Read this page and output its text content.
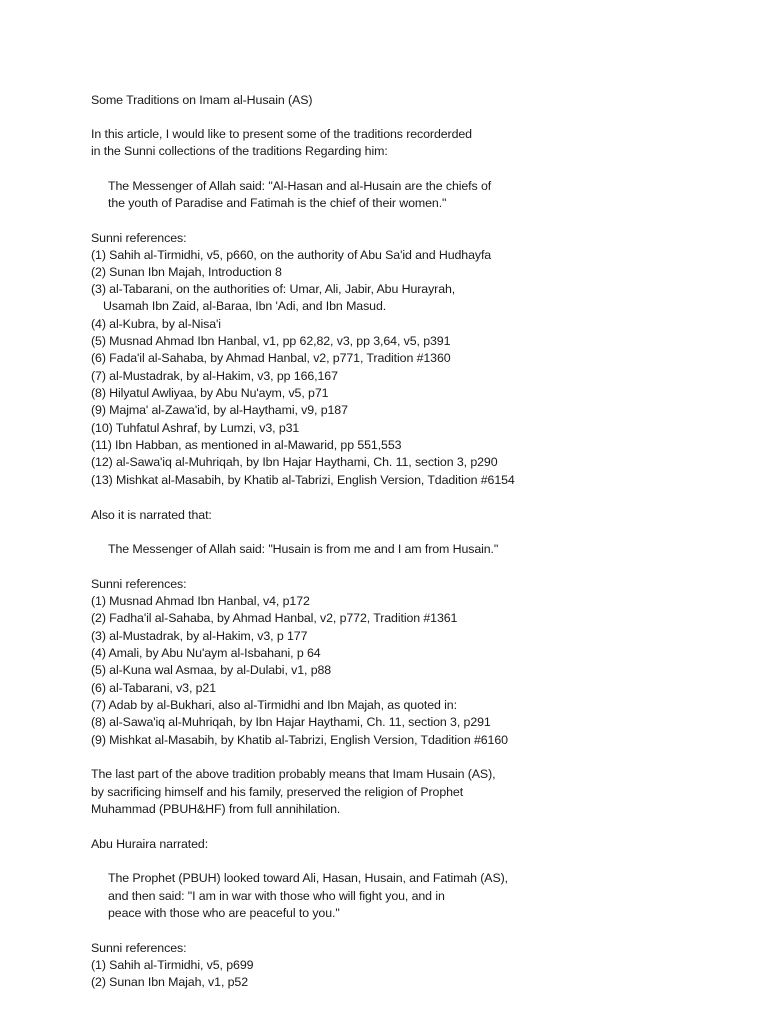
Some Traditions on Imam al-Husain (AS)
In this article, I would like to present some of the traditions recorderded
in the Sunni collections of the traditions Regarding him:
The Messenger of Allah said: "Al-Hasan and al-Husain are the chiefs of
the youth of Paradise and Fatimah is the chief of their women."
Sunni references:
(1) Sahih al-Tirmidhi, v5, p660, on the authority of Abu Sa'id and Hudhayfa
(2) Sunan Ibn Majah, Introduction 8
(3) al-Tabarani, on the authorities of: Umar, Ali, Jabir, Abu Hurayrah,
Usamah Ibn Zaid, al-Baraa, Ibn 'Adi, and Ibn Masud.
(4) al-Kubra, by al-Nisa'i
(5) Musnad Ahmad Ibn Hanbal, v1, pp 62,82, v3, pp 3,64, v5, p391
(6) Fada'il al-Sahaba, by Ahmad Hanbal, v2, p771, Tradition #1360
(7) al-Mustadrak, by al-Hakim, v3, pp 166,167
(8) Hilyatul Awliyaa, by Abu Nu'aym, v5, p71
(9) Majma' al-Zawa'id, by al-Haythami, v9, p187
(10) Tuhfatul Ashraf, by Lumzi, v3, p31
(11) Ibn Habban, as mentioned in al-Mawarid, pp 551,553
(12) al-Sawa'iq al-Muhriqah, by Ibn Hajar Haythami, Ch. 11, section 3, p290
(13) Mishkat al-Masabih, by Khatib al-Tabrizi, English Version, Tdadition #6154
Also it is narrated that:
The Messenger of Allah said: "Husain is from me and I am from Husain."
Sunni references:
(1) Musnad Ahmad Ibn Hanbal, v4, p172
(2) Fadha'il al-Sahaba, by Ahmad Hanbal, v2, p772, Tradition #1361
(3) al-Mustadrak, by al-Hakim, v3, p 177
(4) Amali, by Abu Nu'aym al-Isbahani, p 64
(5) al-Kuna wal Asmaa, by al-Dulabi, v1, p88
(6) al-Tabarani, v3, p21
(7) Adab by al-Bukhari, also al-Tirmidhi and Ibn Majah, as quoted in:
(8) al-Sawa'iq al-Muhriqah, by Ibn Hajar Haythami, Ch. 11, section 3, p291
(9) Mishkat al-Masabih, by Khatib al-Tabrizi, English Version, Tdadition #6160
The last part of the above tradition probably means that Imam Husain (AS),
by sacrificing himself and his family, preserved the religion of Prophet
Muhammad (PBUH&HF) from full annihilation.
Abu Huraira narrated:
The Prophet (PBUH) looked toward Ali, Hasan, Husain, and Fatimah (AS),
and then said: "I am in war with those who will fight you, and in
peace with those who are peaceful to you."
Sunni references:
(1) Sahih al-Tirmidhi, v5, p699
(2) Sunan Ibn Majah, v1, p52
